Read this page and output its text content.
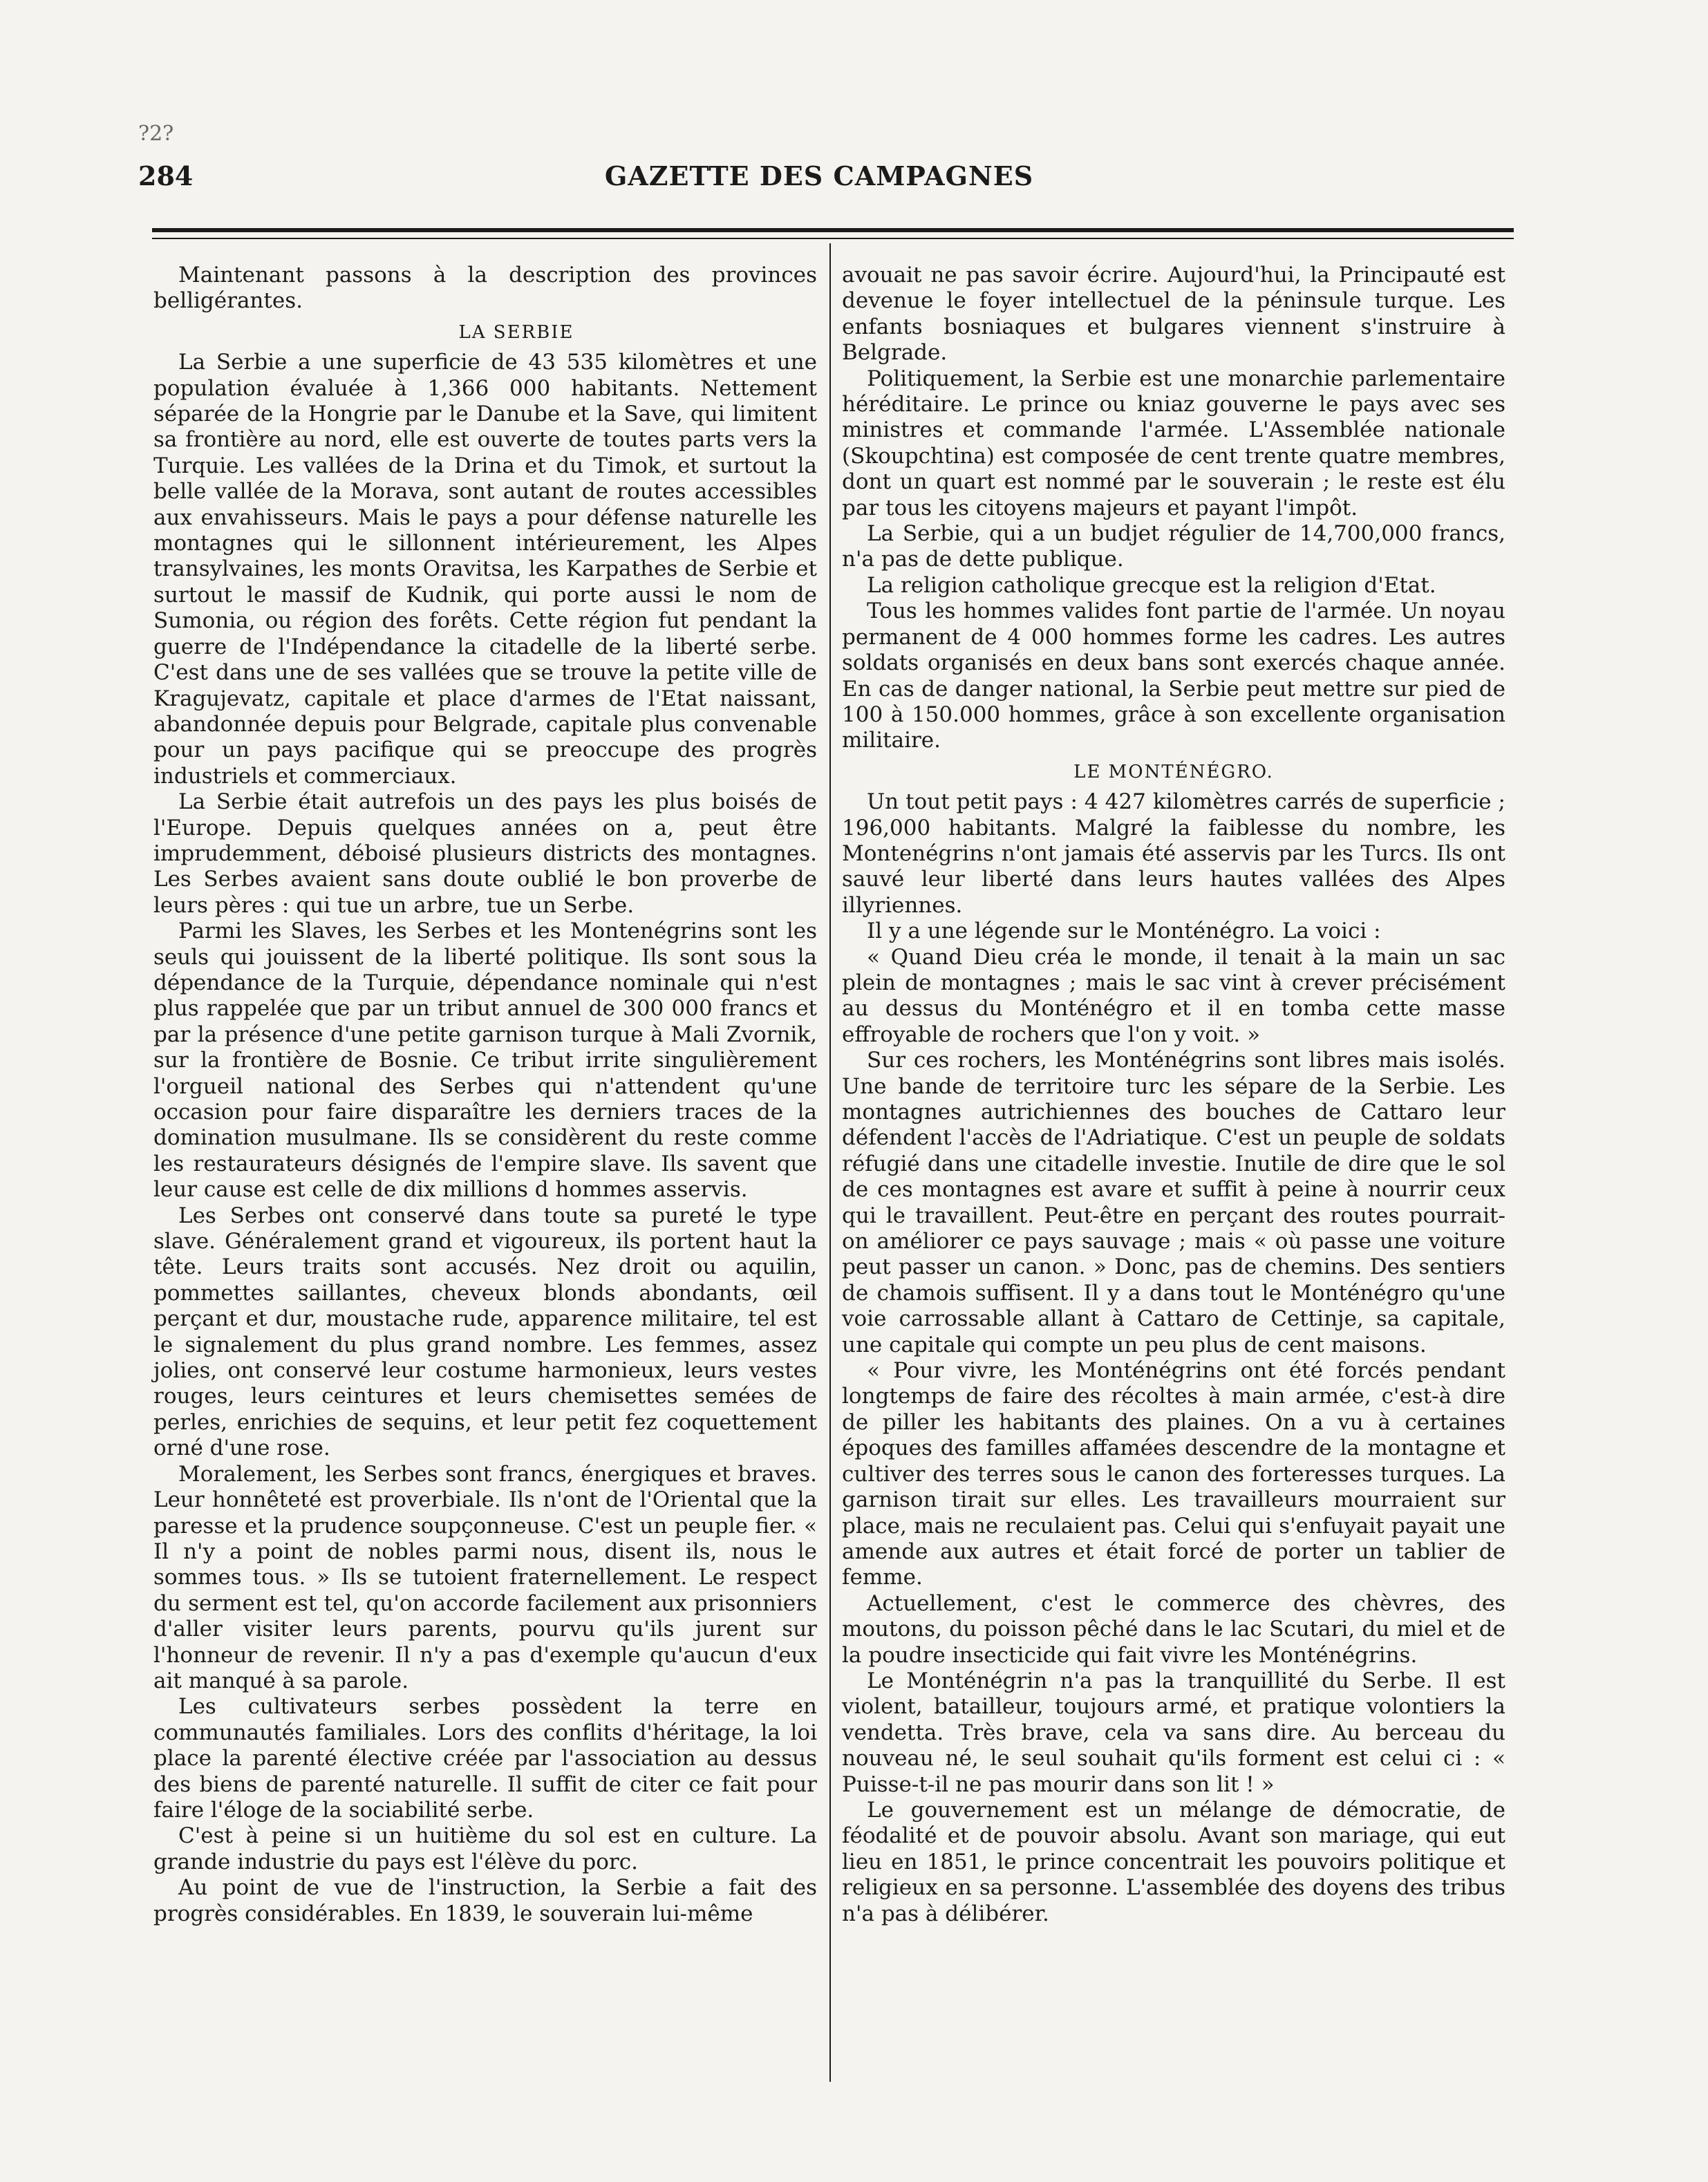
?2?
284	GAZETTE DES CAMPAGNES

Maintenant passons à la description des provinces belligérantes.

LA SERBIE

La Serbie a une superficie de 43 535 kilomètres et une population évaluée à 1,366 000 habitants. Nettement séparée de la Hongrie par le Danube et la Save, qui limitent sa frontière au nord, elle est ouverte de toutes parts vers la Turquie. Les vallées de la Drina et du Timok, et surtout la belle vallée de la Morava, sont autant de routes accessibles aux envahisseurs. Mais le pays a pour défense naturelle les montagnes qui le sillonnent intérieurement, les Alpes transylvaines, les monts Oravitsa, les Karpathes de Serbie et surtout le massif de Kudnik, qui porte aussi le nom de Sumonia, ou région des forêts. Cette région fut pendant la guerre de l'Indépendance la citadelle de la liberté serbe. C'est dans une de ses vallées que se trouve la petite ville de Kragujevatz, capitale et place d'armes de l'Etat naissant, abandonnée depuis pour Belgrade, capitale plus convenable pour un pays pacifique qui se preoccupe des progrès industriels et commerciaux.

La Serbie était autrefois un des pays les plus boisés de l'Europe. Depuis quelques années on a, peut être imprudemment, déboisé plusieurs districts des montagnes. Les Serbes avaient sans doute oublié le bon proverbe de leurs pères : qui tue un arbre, tue un Serbe.

Parmi les Slaves, les Serbes et les Montenégrins sont les seuls qui jouissent de la liberté politique. Ils sont sous la dépendance de la Turquie, dépendance nominale qui n'est plus rappelée que par un tribut annuel de 300 000 francs et par la présence d'une petite garnison turque à Mali Zvornik, sur la frontière de Bosnie. Ce tribut irrite singulièrement l'orgueil national des Serbes qui n'attendent qu'une occasion pour faire disparaître les derniers traces de la domination musulmane. Ils se considèrent du reste comme les restaurateurs désignés de l'empire slave. Ils savent que leur cause est celle de dix millions d hommes asservis.

Les Serbes ont conservé dans toute sa pureté le type slave. Généralement grand et vigoureux, ils portent haut la tête. Leurs traits sont accusés. Nez droit ou aquilin, pommettes saillantes, cheveux blonds abondants, œil perçant et dur, moustache rude, apparence militaire, tel est le signalement du plus grand nombre. Les femmes, assez jolies, ont conservé leur costume harmonieux, leurs vestes rouges, leurs ceintures et leurs chemisettes semées de perles, enrichies de sequins, et leur petit fez coquettement orné d'une rose.

Moralement, les Serbes sont francs, énergiques et braves. Leur honnêteté est proverbiale. Ils n'ont de l'Oriental que la paresse et la prudence soupçonneuse. C'est un peuple fier. « Il n'y a point de nobles parmi nous, disent ils, nous le sommes tous. » Ils se tutoient fraternellement. Le respect du serment est tel, qu'on accorde facilement aux prisonniers d'aller visiter leurs parents, pourvu qu'ils jurent sur l'honneur de revenir. Il n'y a pas d'exemple qu'aucun d'eux ait manqué à sa parole.

Les cultivateurs serbes possèdent la terre en communautés familiales. Lors des conflits d'héritage, la loi place la parenté élective créée par l'association au dessus des biens de parenté naturelle. Il suffit de citer ce fait pour faire l'éloge de la sociabilité serbe.

C'est à peine si un huitième du sol est en culture. La grande industrie du pays est l'élève du porc.

Au point de vue de l'instruction, la Serbie a fait des progrès considérables. En 1839, le souverain lui-même

avouait ne pas savoir écrire. Aujourd'hui, la Principauté est devenue le foyer intellectuel de la péninsule turque. Les enfants bosniaques et bulgares viennent s'instruire à Belgrade.

Politiquement, la Serbie est une monarchie parlementaire héréditaire. Le prince ou kniaz gouverne le pays avec ses ministres et commande l'armée. L'Assemblée nationale (Skoupchtina) est composée de cent trente quatre membres, dont un quart est nommé par le souverain ; le reste est élu par tous les citoyens majeurs et payant l'impôt.

La Serbie, qui a un budjet régulier de 14,700,000 francs, n'a pas de dette publique.

La religion catholique grecque est la religion d'Etat.

Tous les hommes valides font partie de l'armée. Un noyau permanent de 4 000 hommes forme les cadres. Les autres soldats organisés en deux bans sont exercés chaque année. En cas de danger national, la Serbie peut mettre sur pied de 100 à 150.000 hommes, grâce à son excellente organisation militaire.

LE MONTÉNÉGRO.

Un tout petit pays : 4 427 kilomètres carrés de superficie ; 196,000 habitants. Malgré la faiblesse du nombre, les Montenégrins n'ont jamais été asservis par les Turcs. Ils ont sauvé leur liberté dans leurs hautes vallées des Alpes illyriennes.

Il y a une légende sur le Monténégro. La voici :

« Quand Dieu créa le monde, il tenait à la main un sac plein de montagnes ; mais le sac vint à crever précisément au dessus du Monténégro et il en tomba cette masse effroyable de rochers que l'on y voit. »

Sur ces rochers, les Monténégrins sont libres mais isolés. Une bande de territoire turc les sépare de la Serbie. Les montagnes autrichiennes des bouches de Cattaro leur défendent l'accès de l'Adriatique. C'est un peuple de soldats réfugié dans une citadelle investie. Inutile de dire que le sol de ces montagnes est avare et suffit à peine à nourrir ceux qui le travaillent. Peut-être en perçant des routes pourrait-on améliorer ce pays sauvage ; mais « où passe une voiture peut passer un canon. » Donc, pas de chemins. Des sentiers de chamois suffisent. Il y a dans tout le Monténégro qu'une voie carrossable allant à Cattaro de Cettinje, sa capitale, une capitale qui compte un peu plus de cent maisons.

« Pour vivre, les Monténégrins ont été forcés pendant longtemps de faire des récoltes à main armée, c'est-à dire de piller les habitants des plaines. On a vu à certaines époques des familles affamées descendre de la montagne et cultiver des terres sous le canon des forteresses turques. La garnison tirait sur elles. Les travailleurs mourraient sur place, mais ne reculaient pas. Celui qui s'enfuyait payait une amende aux autres et était forcé de porter un tablier de femme.

Actuellement, c'est le commerce des chèvres, des moutons, du poisson pêché dans le lac Scutari, du miel et de la poudre insecticide qui fait vivre les Monténégrins.

Le Monténégrin n'a pas la tranquillité du Serbe. Il est violent, batailleur, toujours armé, et pratique volontiers la vendetta. Très brave, cela va sans dire. Au berceau du nouveau né, le seul souhait qu'ils forment est celui ci : « Puisse-t-il ne pas mourir dans son lit ! »

Le gouvernement est un mélange de démocratie, de féodalité et de pouvoir absolu. Avant son mariage, qui eut lieu en 1851, le prince concentrait les pouvoirs politique et religieux en sa personne. L'assemblée des doyens des tribus n'a pas à délibérer.
